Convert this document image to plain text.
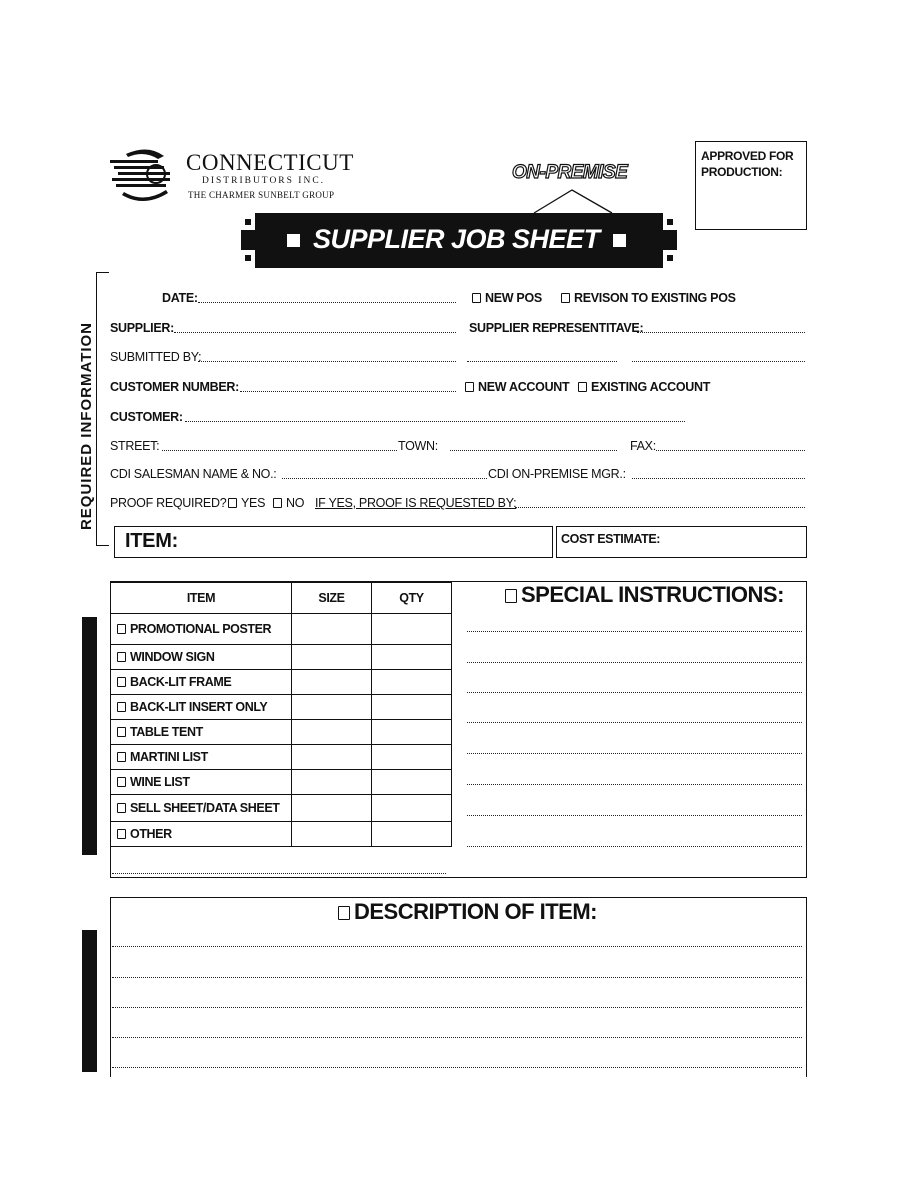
CONNECTICUT
DISTRIBUTORS INC.
THE CHARMER SUNBELT GROUP
ON-PREMISE
APPROVED FOR
PRODUCTION:
SUPPLIER JOB SHEET
REQUIRED INFORMATION
DATE:	NEW POS	REVISON TO EXISTING POS
SUPPLIER:	SUPPLIER REPRESENTITAVE:
SUBMITTED BY:
CUSTOMER NUMBER:	NEW ACCOUNT	EXISTING ACCOUNT
CUSTOMER:
STREET:	TOWN:	FAX:
CDI SALESMAN NAME & NO.:	CDI ON-PREMISE MGR.:
PROOF REQUIRED?	YES	NO IF YES, PROOF IS REQUESTED BY:
ITEM:	COST ESTIMATE:
ITEM	SIZE	QTY
PROMOTIONAL POSTER		
WINDOW SIGN		
BACK-LIT FRAME		
BACK-LIT INSERT ONLY		
TABLE TENT		
MARTINI LIST		
WINE LIST		
SELL SHEET/DATA SHEET		
OTHER		
SPECIAL INSTRUCTIONS:
DESCRIPTION OF ITEM:
